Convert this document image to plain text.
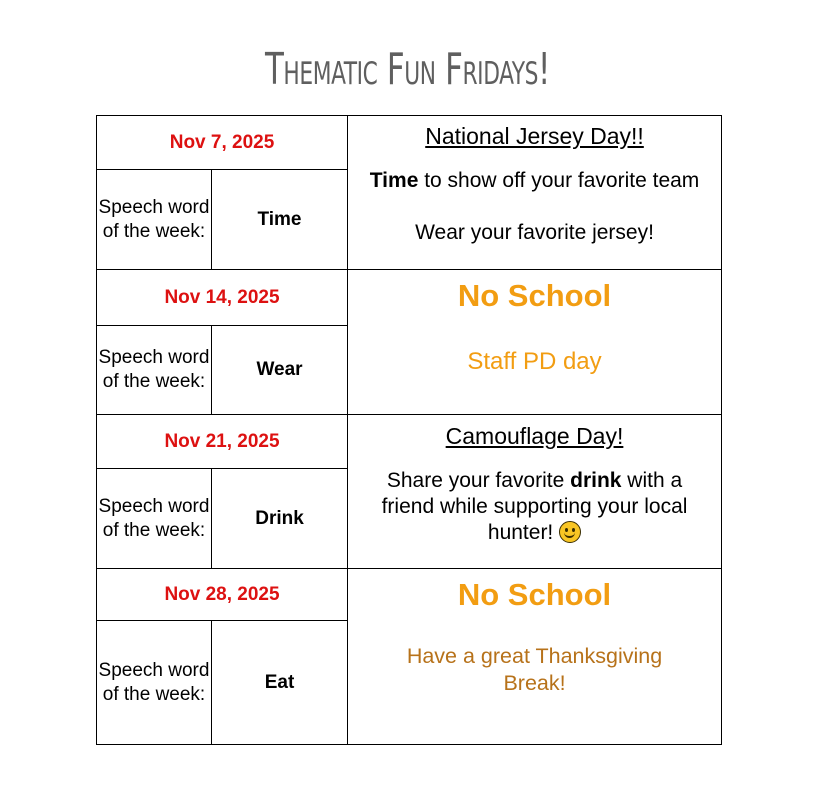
Thematic Fun Fridays!
Nov 7, 2025		National Jersey Day!!
Time to show off your favorite team
Wear your favorite jersey!

Speech word of the week:	Time	
Nov 14, 2025		No School
Staff PD day

Speech word of the week:	Wear	
Nov 21, 2025		Camouflage Day!
Share your favorite drink with a friend while supporting your local hunter!

Speech word of the week:	Drink	
Nov 28, 2025		No School
Have a great Thanksgiving Break!

Speech word of the week:	Eat	
